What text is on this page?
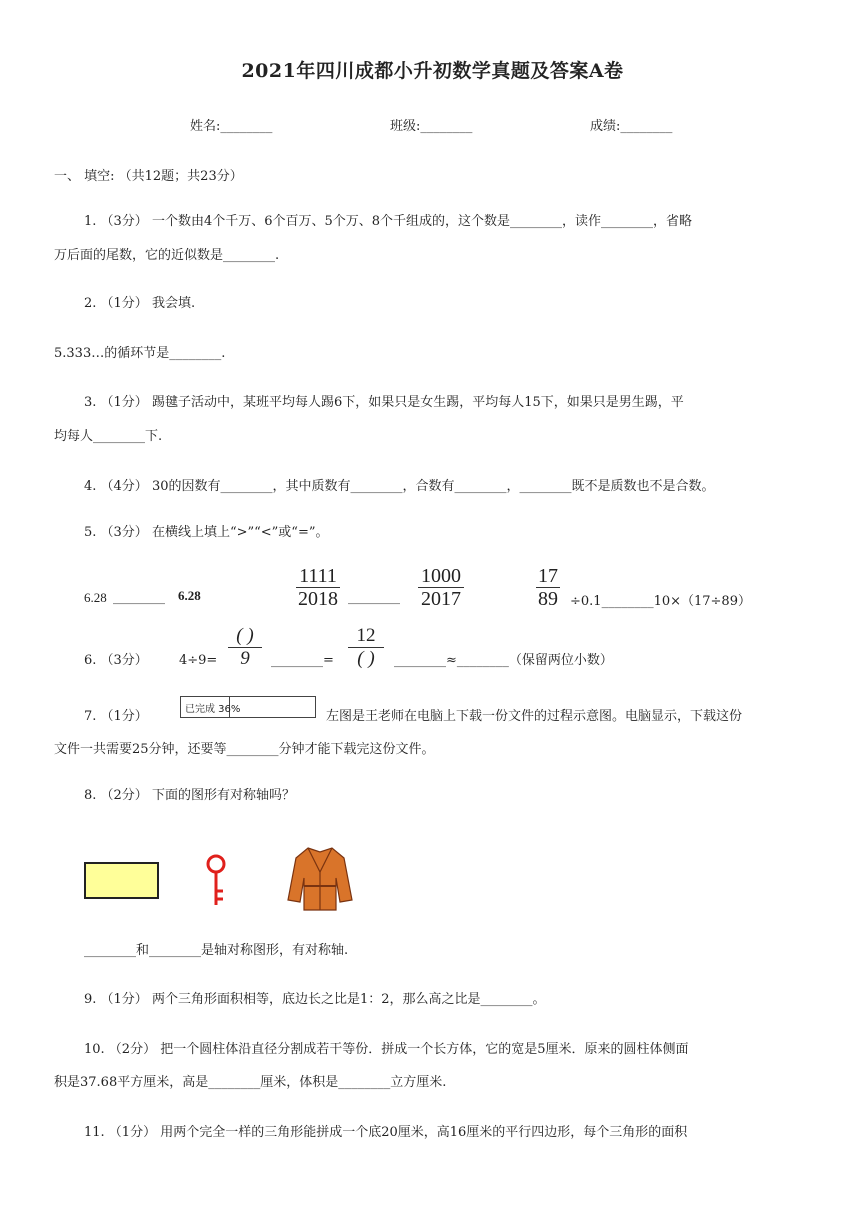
2021年四川成都小升初数学真题及答案A卷
姓名:________	班级:________	成绩:________
一、 填空: （共12题；共23分）
1. （3分） 一个数由4个千万、6个百万、5个万、8个千组成的，这个数是________，读作________，省略
万后面的尾数，它的近似数是________.
2. （1分） 我会填.
5.333…的循环节是________.
3. （1分） 踢毽子活动中，某班平均每人踢6下，如果只是女生踢，平均每人15下，如果只是男生踢，平
均每人________下.
4. （4分） 30的因数有________，其中质数有________，合数有________，________既不是质数也不是合数。
5. （3分） 在横线上填上“>”“<”或“=”。
6.28 ________ 6.28
1111
2018 ________
1000
2017
17
89 ÷0.1________10×（17÷89）
6. （3分） 4÷9=
( )
9	________=
12
( )	________≈________（保留两位小数）
7. （1分）	已完成 36%	左图是王老师在电脑上下载一份文件的过程示意图。电脑显示，下载这份
文件一共需要25分钟，还要等________分钟才能下载完这份文件。
8. （2分） 下面的图形有对称轴吗？
________和________是轴对称图形，有对称轴.
9. （1分） 两个三角形面积相等，底边长之比是1：2，那么高之比是________。
10. （2分） 把一个圆柱体沿直径分割成若干等份．拼成一个长方体，它的宽是5厘米．原来的圆柱体侧面
积是37.68平方厘米，高是________厘米，体积是________立方厘米.
11. （1分） 用两个完全一样的三角形能拼成一个底20厘米，高16厘米的平行四边形，每个三角形的面积
